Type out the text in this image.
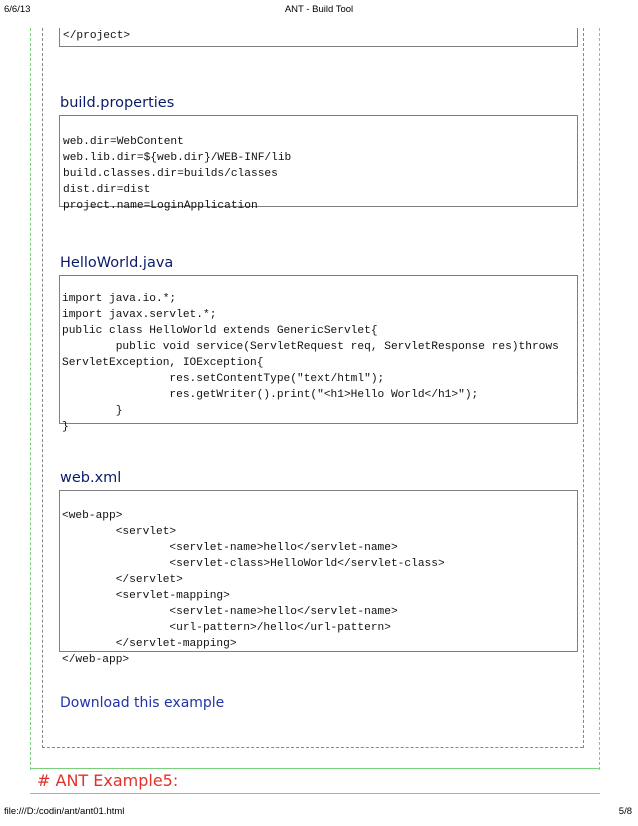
6/6/13	ANT - Build Tool
</project>
build.properties
web.dir=WebContent
web.lib.dir=${web.dir}/WEB-INF/lib
build.classes.dir=builds/classes
dist.dir=dist
project.name=LoginApplication
HelloWorld.java
import java.io.*;
import javax.servlet.*;
public class HelloWorld extends GenericServlet{
public void service(ServletRequest req, ServletResponse res)throws
ServletException, IOException{
res.setContentType("text/html");
res.getWriter().print("<h1>Hello World</h1>");
}
}
web.xml
<web-app>
<servlet>
<servlet-name>hello</servlet-name>
<servlet-class>HelloWorld</servlet-class>
</servlet>
<servlet-mapping>
<servlet-name>hello</servlet-name>
<url-pattern>/hello</url-pattern>
</servlet-mapping>
</web-app>
Download this example
# ANT Example5:
file:///D:/codin/ant/ant01.html	5/8
